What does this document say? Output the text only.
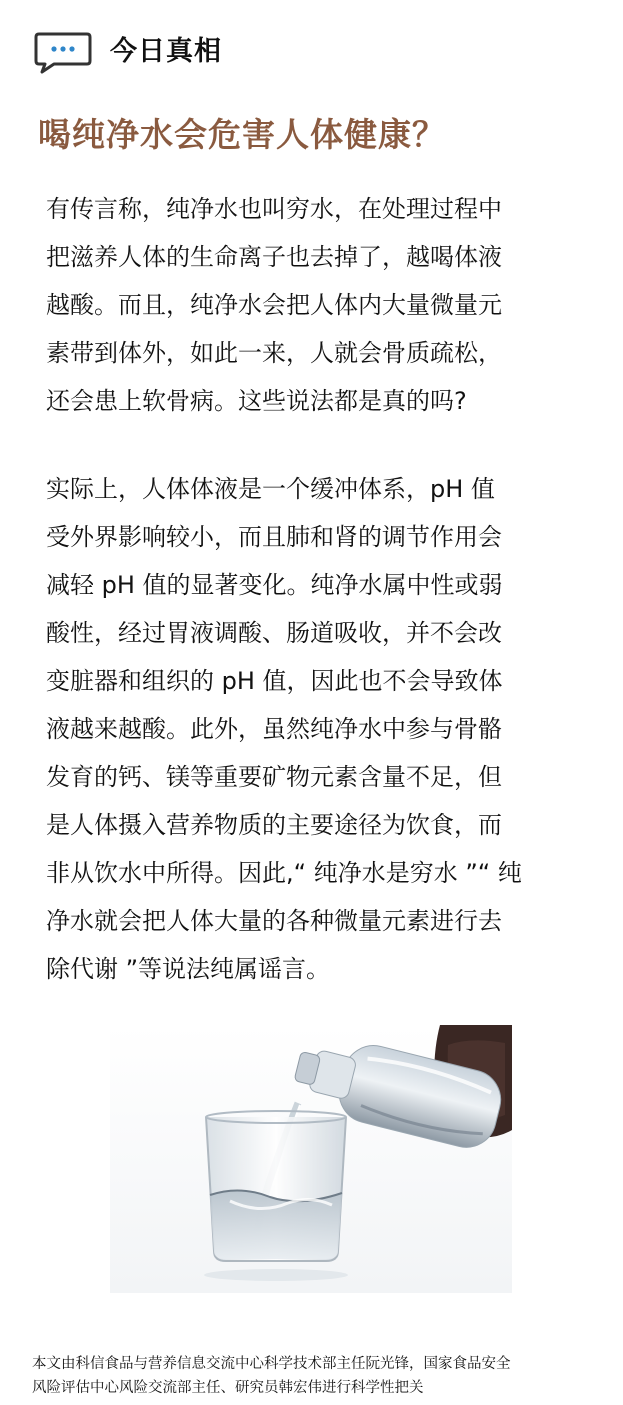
今日真相
喝纯净水会危害人体健康？
有传言称，纯净水也叫穷水，在处理过程中
把滋养人体的生命离子也去掉了，越喝体液
越酸。而且，纯净水会把人体内大量微量元
素带到体外，如此一来，人就会骨质疏松，
还会患上软骨病。这些说法都是真的吗?
实际上，人体体液是一个缓冲体系，pH 值
受外界影响较小，而且肺和肾的调节作用会
减轻 pH 值的显著变化。纯净水属中性或弱
酸性，经过胃液调酸、肠道吸收，并不会改
变脏器和组织的 pH 值，因此也不会导致体
液越来越酸。此外，虽然纯净水中参与骨骼
发育的钙、镁等重要矿物元素含量不足，但
是人体摄入营养物质的主要途径为饮食，而
非从饮水中所得。因此,“ 纯净水是穷水 ”“ 纯
净水就会把人体大量的各种微量元素进行去
除代谢 ”等说法纯属谣言。
本文由科信食品与营养信息交流中心科学技术部主任阮光锋，国家食品安全
风险评估中心风险交流部主任、研究员韩宏伟进行科学性把关
